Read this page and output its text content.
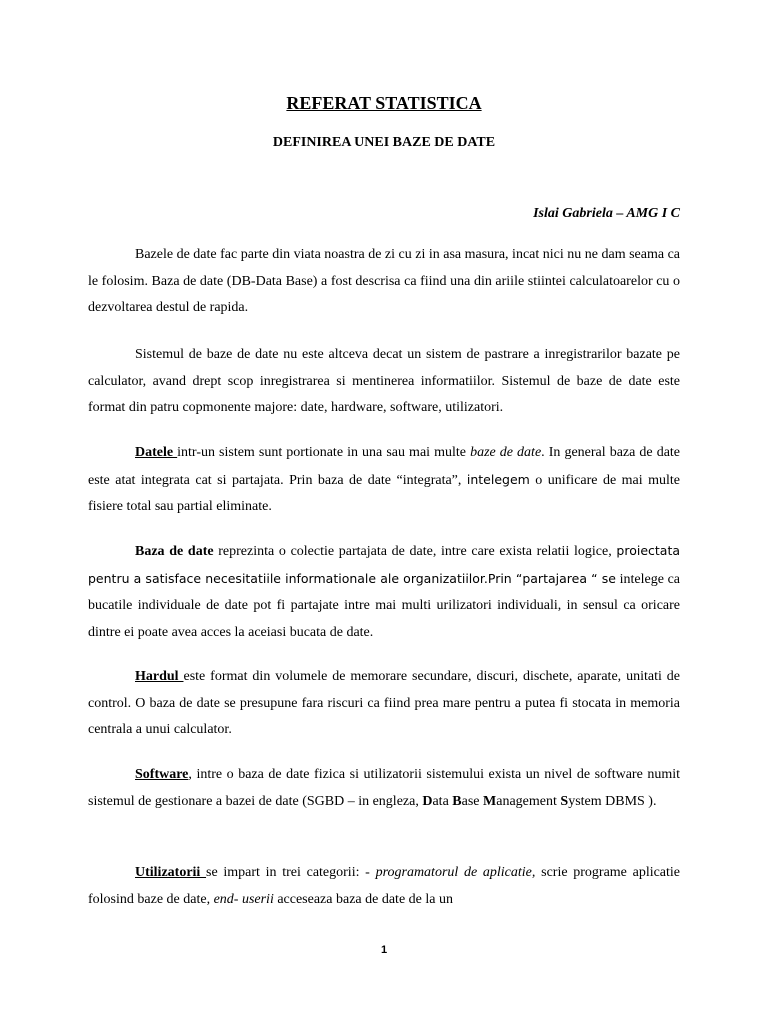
REFERAT STATISTICA
DEFINIREA UNEI BAZE DE DATE

Islai Gabriela – AMG I C

Bazele de date fac parte din viata noastra de zi cu zi in asa masura, incat nici nu ne dam seama ca le folosim. Baza de date (DB-Data Base) a fost descrisa ca fiind una din ariile stiintei calculatoarelor cu o dezvoltarea destul de rapida.

Sistemul de baze de date nu este altceva decat un sistem de pastrare a inregistrarilor bazate pe calculator, avand drept scop inregistrarea si mentinerea informatiilor. Sistemul de baze de date este format din patru copmonente majore: date, hardware, software, utilizatori.

Datele intr-un sistem sunt portionate in una sau mai multe baze de date. In general baza de date este atat integrata cat si partajata. Prin baza de date “integrata”, intelegem o unificare de mai multe fisiere total sau partial eliminate.

Baza de date reprezinta o colectie partajata de date, intre care exista relatii logice, proiectata pentru a satisface necesitatiile informationale ale organizatiilor.Prin “partajarea “ se intelege ca bucatile individuale de date pot fi partajate intre mai multi urilizatori individuali, in sensul ca oricare dintre ei poate avea acces la aceiasi bucata de date.

Hardul este format din volumele de memorare secundare, discuri, dischete, aparate, unitati de control. O baza de date se presupune fara riscuri ca fiind prea mare pentru a putea fi stocata in memoria centrala a unui calculator.

Software, intre o baza de date fizica si utilizatorii sistemului exista un nivel de software numit sistemul de gestionare a bazei de date (SGBD – in engleza, Data Base Management System DBMS ).

Utilizatorii se impart in trei categorii: - programatorul de aplicatie, scrie programe aplicatie folosind baze de date, end- userii acceseaza baza de date de la un

1
